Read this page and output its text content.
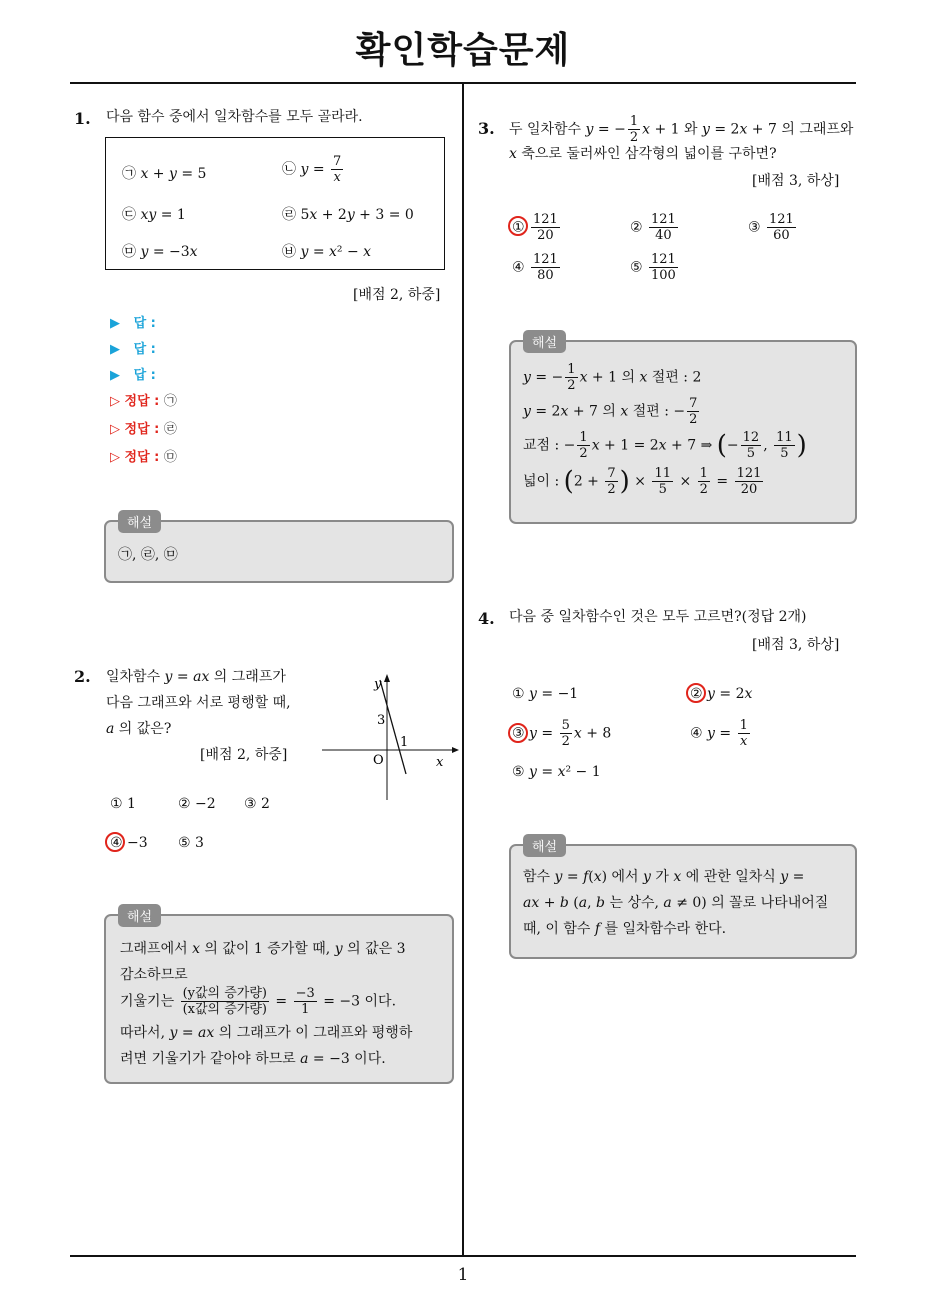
확인학습문제
1
1. 다음 함수 중에서 일차함수를 모두 골라라.
㉠ x + y = 5	㉡ $y = \frac{7}{x}$
㉢ xy = 1	㉣ 5x + 2y + 3 = 0
㉤ y = −3x	㉥ y = x² − x
[배점 2, 하중]
▶   답 :
▶   답 :
▶   답 :
▷ 정답 : ㉠
▷ 정답 : ㉣
▷ 정답 : ㉤
㉠, ㉣, ㉤
해설
2. 일차함수 y = ax 의 그래프가
다음 그래프와 서로 평행할 때,
a 의 값은?
[배점 2, 하중]
y
x
O
3
1
① 1	② −2 ③ 2
④ −3 ⑤ 3
그래프에서 x 의 값이 1 증가할 때, y 의 값은 3
감소하므로
기울기는 $\frac{\text{(y값의 증가량)}}{\text{(x값의 증가량)}} = \frac{-3}{1} = -3$ 이다.
따라서, y = ax 의 그래프가 이 그래프와 평행하
려면 기울기가 같아야 하므로 a = −3 이다.
해설
3. 두 일차함수 y = − $\frac{1}{2}$ x + 1 와 y = 2x + 7 의 그래프와
x 축으로 둘러싸인 삼각형의 넓이를 구하면?
[배점 3, 하상]
① $\frac{121}{20}$	② $\frac{121}{40}$	③ $\frac{121}{60}$
④ $\frac{121}{80}$	⑤ $\frac{121}{100}$
y = − $\frac{1}{2}$ x + 1 의 x 절편 : 2
y = 2x + 7 의 x 절편 : − $\frac{7}{2}$
교점 : − $\frac{1}{2}$ x + 1 = 2x + 7 ⇒ (− $\frac{12}{5}$ , $\frac{11}{5}$ )
넓이 : ($2 + \frac{7}{2}$ ) × $\frac{11}{5} \times \frac{1}{2} = \frac{121}{20}$
해설
4. 다음 중 일차함수인 것은 모두 고르면?(정답 2개)
[배점 3, 하상]
① y = −1	② y = 2x
③ $y = \frac{5}{2}$ x + 8	④ $y = \frac{1}{x}$
⑤ y = x² − 1
함수 y = f(x) 에서 y 가 x 에 관한 일차식 y =
ax + b (a, b 는 상수, a ≠ 0) 의 꼴로 나타내어질
때, 이 함수 f 를 일차함수라 한다.
해설
